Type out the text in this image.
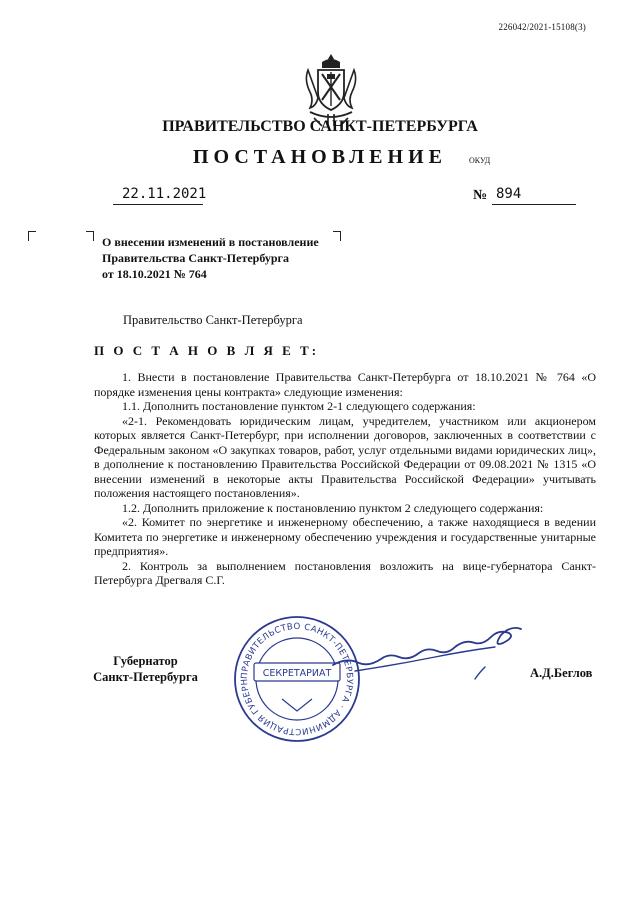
226042/2021-15108(3)
ПРАВИТЕЛЬСТВО САНКТ-ПЕТЕРБУРГА
ПОСТАНОВЛЕНИЕ	ОКУД
22.11.2021	№ 894
О внесении изменений в постановление
Правительства Санкт-Петербурга
от 18.10.2021 № 764
Правительство Санкт-Петербурга
П О С Т А Н О В Л Я Е Т:

1. Внести в постановление Правительства Санкт-Петербурга от 18.10.2021 № 764 «О порядке изменения цены контракта» следующие изменения:

1.1. Дополнить постановление пунктом 2-1 следующего содержания:

«2-1. Рекомендовать юридическим лицам, учредителем, участником или акционером которых является Санкт-Петербург, при исполнении договоров, заключенных в соответствии с Федеральным законом «О закупках товаров, работ, услуг отдельными видами юридических лиц», в дополнение к постановлению Правительства Российской Федерации от 09.08.2021 № 1315 «О внесении изменений в некоторые акты Правительства Российской Федерации» учитывать положения настоящего постановления».

1.2. Дополнить приложение к постановлению пунктом 2 следующего содержания:

«2. Комитет по энергетике и инженерному обеспечению, а также находящиеся в ведении Комитета по энергетике и инженерному обеспечению учреждения и государственные унитарные предприятия».

2. Контроль за выполнением постановления возложить на вице-губернатора Санкт-Петербурга Дрегваля С.Г.

Губернатор
Санкт-Петербурга	А.Д.Беглов
ПРАВИТЕЛЬСТВО САНКТ-ПЕТЕРБУРГА · АДМИНИСТРАЦИЯ ГУБЕРН
СЕКРЕТАРИАТ
